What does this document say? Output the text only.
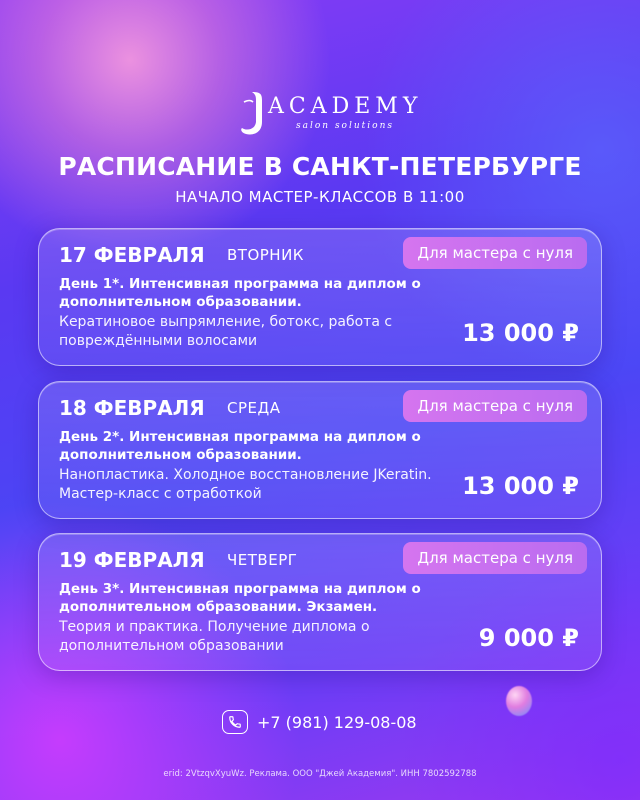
ACADEMY
salon solutions
РАСПИСАНИЕ В САНКТ-ПЕТЕРБУРГЕ
НАЧАЛО МАСТЕР-КЛАССОВ В 11:00
17 ФЕВРАЛЯ ВТОРНИК	Для мастера с нуля
День 1*. Интенсивная программа на диплом о дополнительном образовании.
Кератиновое выпрямление, ботокс, работа с повреждёнными волосами	13 000 ₽
18 ФЕВРАЛЯ СРЕДА	Для мастера с нуля
День 2*. Интенсивная программа на диплом о дополнительном образовании.
Нанопластика. Холодное восстановление JKeratin. Мастер-класс с отработкой	13 000 ₽
19 ФЕВРАЛЯ ЧЕТВЕРГ	Для мастера с нуля
День 3*. Интенсивная программа на диплом о дополнительном образовании. Экзамен.
Теория и практика. Получение диплома о дополнительном образовании	9 000 ₽
+7 (981) 129-08-08
erid: 2VtzqvXyuWz. Реклама. ООО "Джей Академия". ИНН 7802592788
